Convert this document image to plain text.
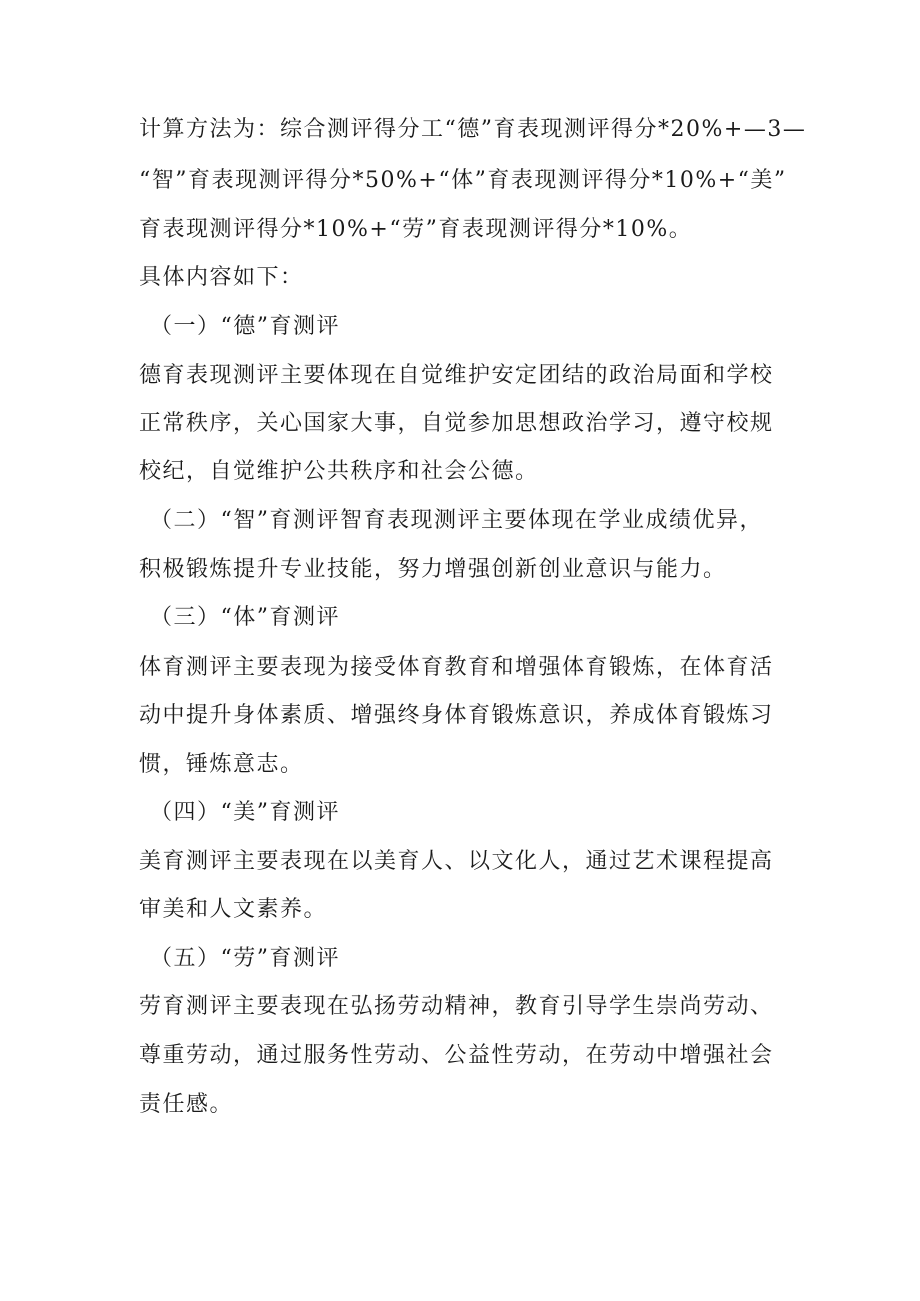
计算方法为：综合测评得分工“德”育表现测评得分*20%+—3—
“智”育表现测评得分*50%+“体”育表现测评得分*10%+“美”
育表现测评得分*10%+“劳”育表现测评得分*10%。
具体内容如下：
（一）“德”育测评
德育表现测评主要体现在自觉维护安定团结的政治局面和学校
正常秩序，关心国家大事，自觉参加思想政治学习，遵守校规
校纪，自觉维护公共秩序和社会公德。
（二）“智”育测评智育表现测评主要体现在学业成绩优异，
积极锻炼提升专业技能，努力增强创新创业意识与能力。
（三）“体”育测评
体育测评主要表现为接受体育教育和增强体育锻炼，在体育活
动中提升身体素质、增强终身体育锻炼意识，养成体育锻炼习
惯，锤炼意志。
（四）“美”育测评
美育测评主要表现在以美育人、以文化人，通过艺术课程提高
审美和人文素养。
（五）“劳”育测评
劳育测评主要表现在弘扬劳动精神，教育引导学生崇尚劳动、
尊重劳动，通过服务性劳动、公益性劳动，在劳动中增强社会
责任感。
